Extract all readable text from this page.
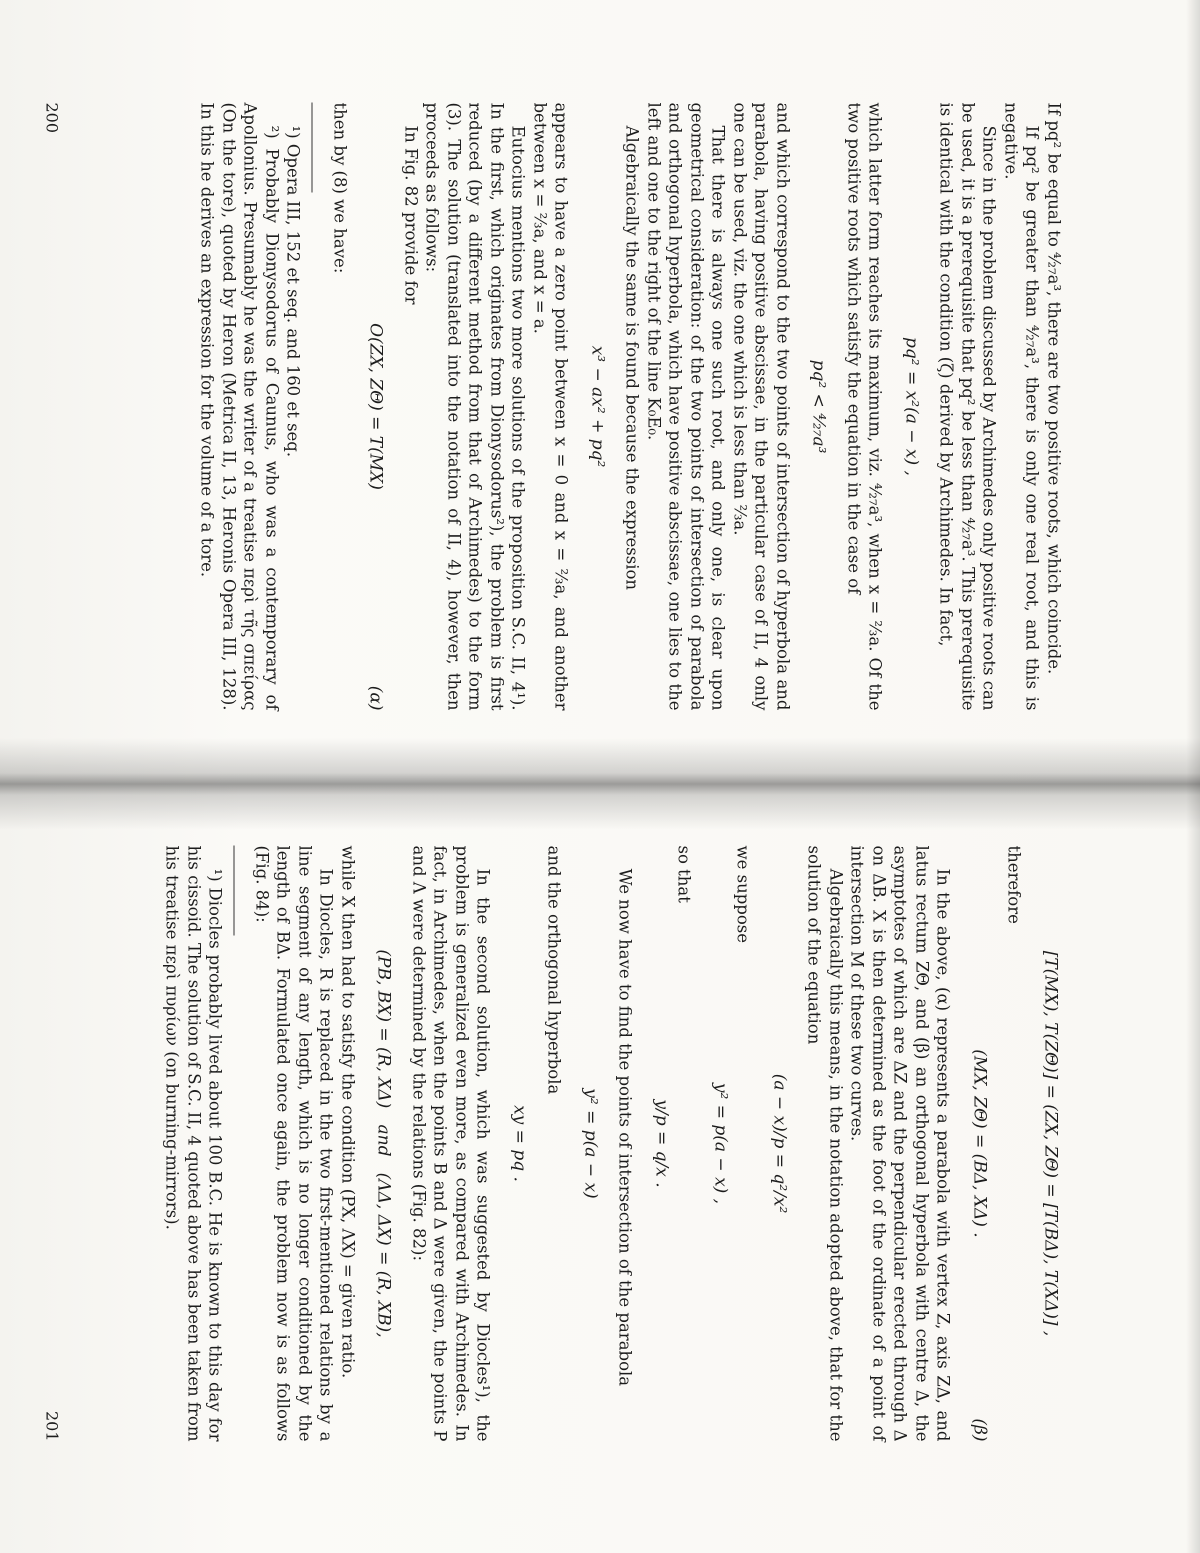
If pq² be equal to ⁴⁄₂₇a³, there are two positive roots, which coincide.

If pq² be greater than ⁴⁄₂₇a³, there is only one real root, and this is negative.

Since in the problem discussed by Archimedes only positive roots can be used, it is a prerequisite that pq² be less than ⁴⁄₂₇a³. This prerequisite is identical with the condition (ζ) derived by Archimedes. In fact,

pq² = x²(a − x) ,

which latter form reaches its maximum, viz. ⁴⁄₂₇a³, when x = ⅔a. Of the two positive roots which satisfy the equation in the case of

pq² < ⁴⁄₂₇a³

and which correspond to the two points of intersection of hyperbola and parabola, having positive abscissae, in the particular case of II, 4 only one can be used, viz. the one which is less than ⅔a.

That there is always one such root, and only one, is clear upon geometrical consideration: of the two points of intersection of parabola and orthogonal hyperbola, which have positive abscissae, one lies to the left and one to the right of the line K₀E₀.

Algebraically the same is found because the expression

x³ − ax² + pq²

appears to have a zero point between x = 0 and x = ⅔a, and another between x = ⅔a, and x = a.

Eutocius mentions two more solutions of the proposition S.C. II, 4¹). In the first, which originates from Dionysodorus²), the problem is first reduced (by a different method from that of Archimedes) to the form (3). The solution (translated into the notation of II, 4), however, then proceeds as follows:

In Fig. 82 provide for

O(ZX, ZΘ) = T(MX)
(α)

then by (8) we have:

¹) Opera III, 152 et seq. and 160 et seq.

²) Probably Dionysodorus of Caunus, who was a contemporary of Apollonius. Presumably he was the writer of a treatise περὶ τῆς σπείρας (On the tore), quoted by Heron (Metrica II, 13, Heronis Opera III, 128). In this he derives an expression for the volume of a tore.

200
[T(MX), T(ZΘ)] = (ZX, ZΘ) = [T(BΔ), T(XΔ)] ,

therefore

(MX, ZΘ) = (BΔ, XΔ) .
(β)

In the above, (α) represents a parabola with vertex Z, axis ZΔ, and latus rectum ZΘ, and (β) an orthogonal hyperbola with centre Δ, the asymptotes of which are ΔZ and the perpendicular erected through Δ on ΔB. X is then determined as the foot of the ordinate of a point of intersection M of these two curves.

Algebraically this means, in the notation adopted above, that for the solution of the equation

(a − x)/p = q²/x²

we suppose

y² = p(a − x) ,

so that

y/p = q/x .

We now have to find the points of intersection of the parabola

y² = p(a − x)

and the orthogonal hyperbola

xy = pq .

In the second solution, which was suggested by Diocles¹), the problem is generalized even more, as compared with Archimedes. In fact, in Archimedes, when the points B and Δ were given, the points P and Λ were determined by the relations (Fig. 82):

(PB, BX) = (R, XΔ)   and   (ΛΔ, ΔX) = (R, XB),

while X then had to satisfy the condition (PX, ΛX) = given ratio.

In Diocles, R is replaced in the two first-mentioned relations by a line segment of any length, which is no longer conditioned by the length of BΔ. Formulated once again, the problem now is as follows (Fig. 84):

¹) Diocles probably lived about 100 B.C. He is known to this day for his cissoid. The solution of S.C. II, 4 quoted above has been taken from his treatise περὶ πυρίων (on burning-mirrors).

201
